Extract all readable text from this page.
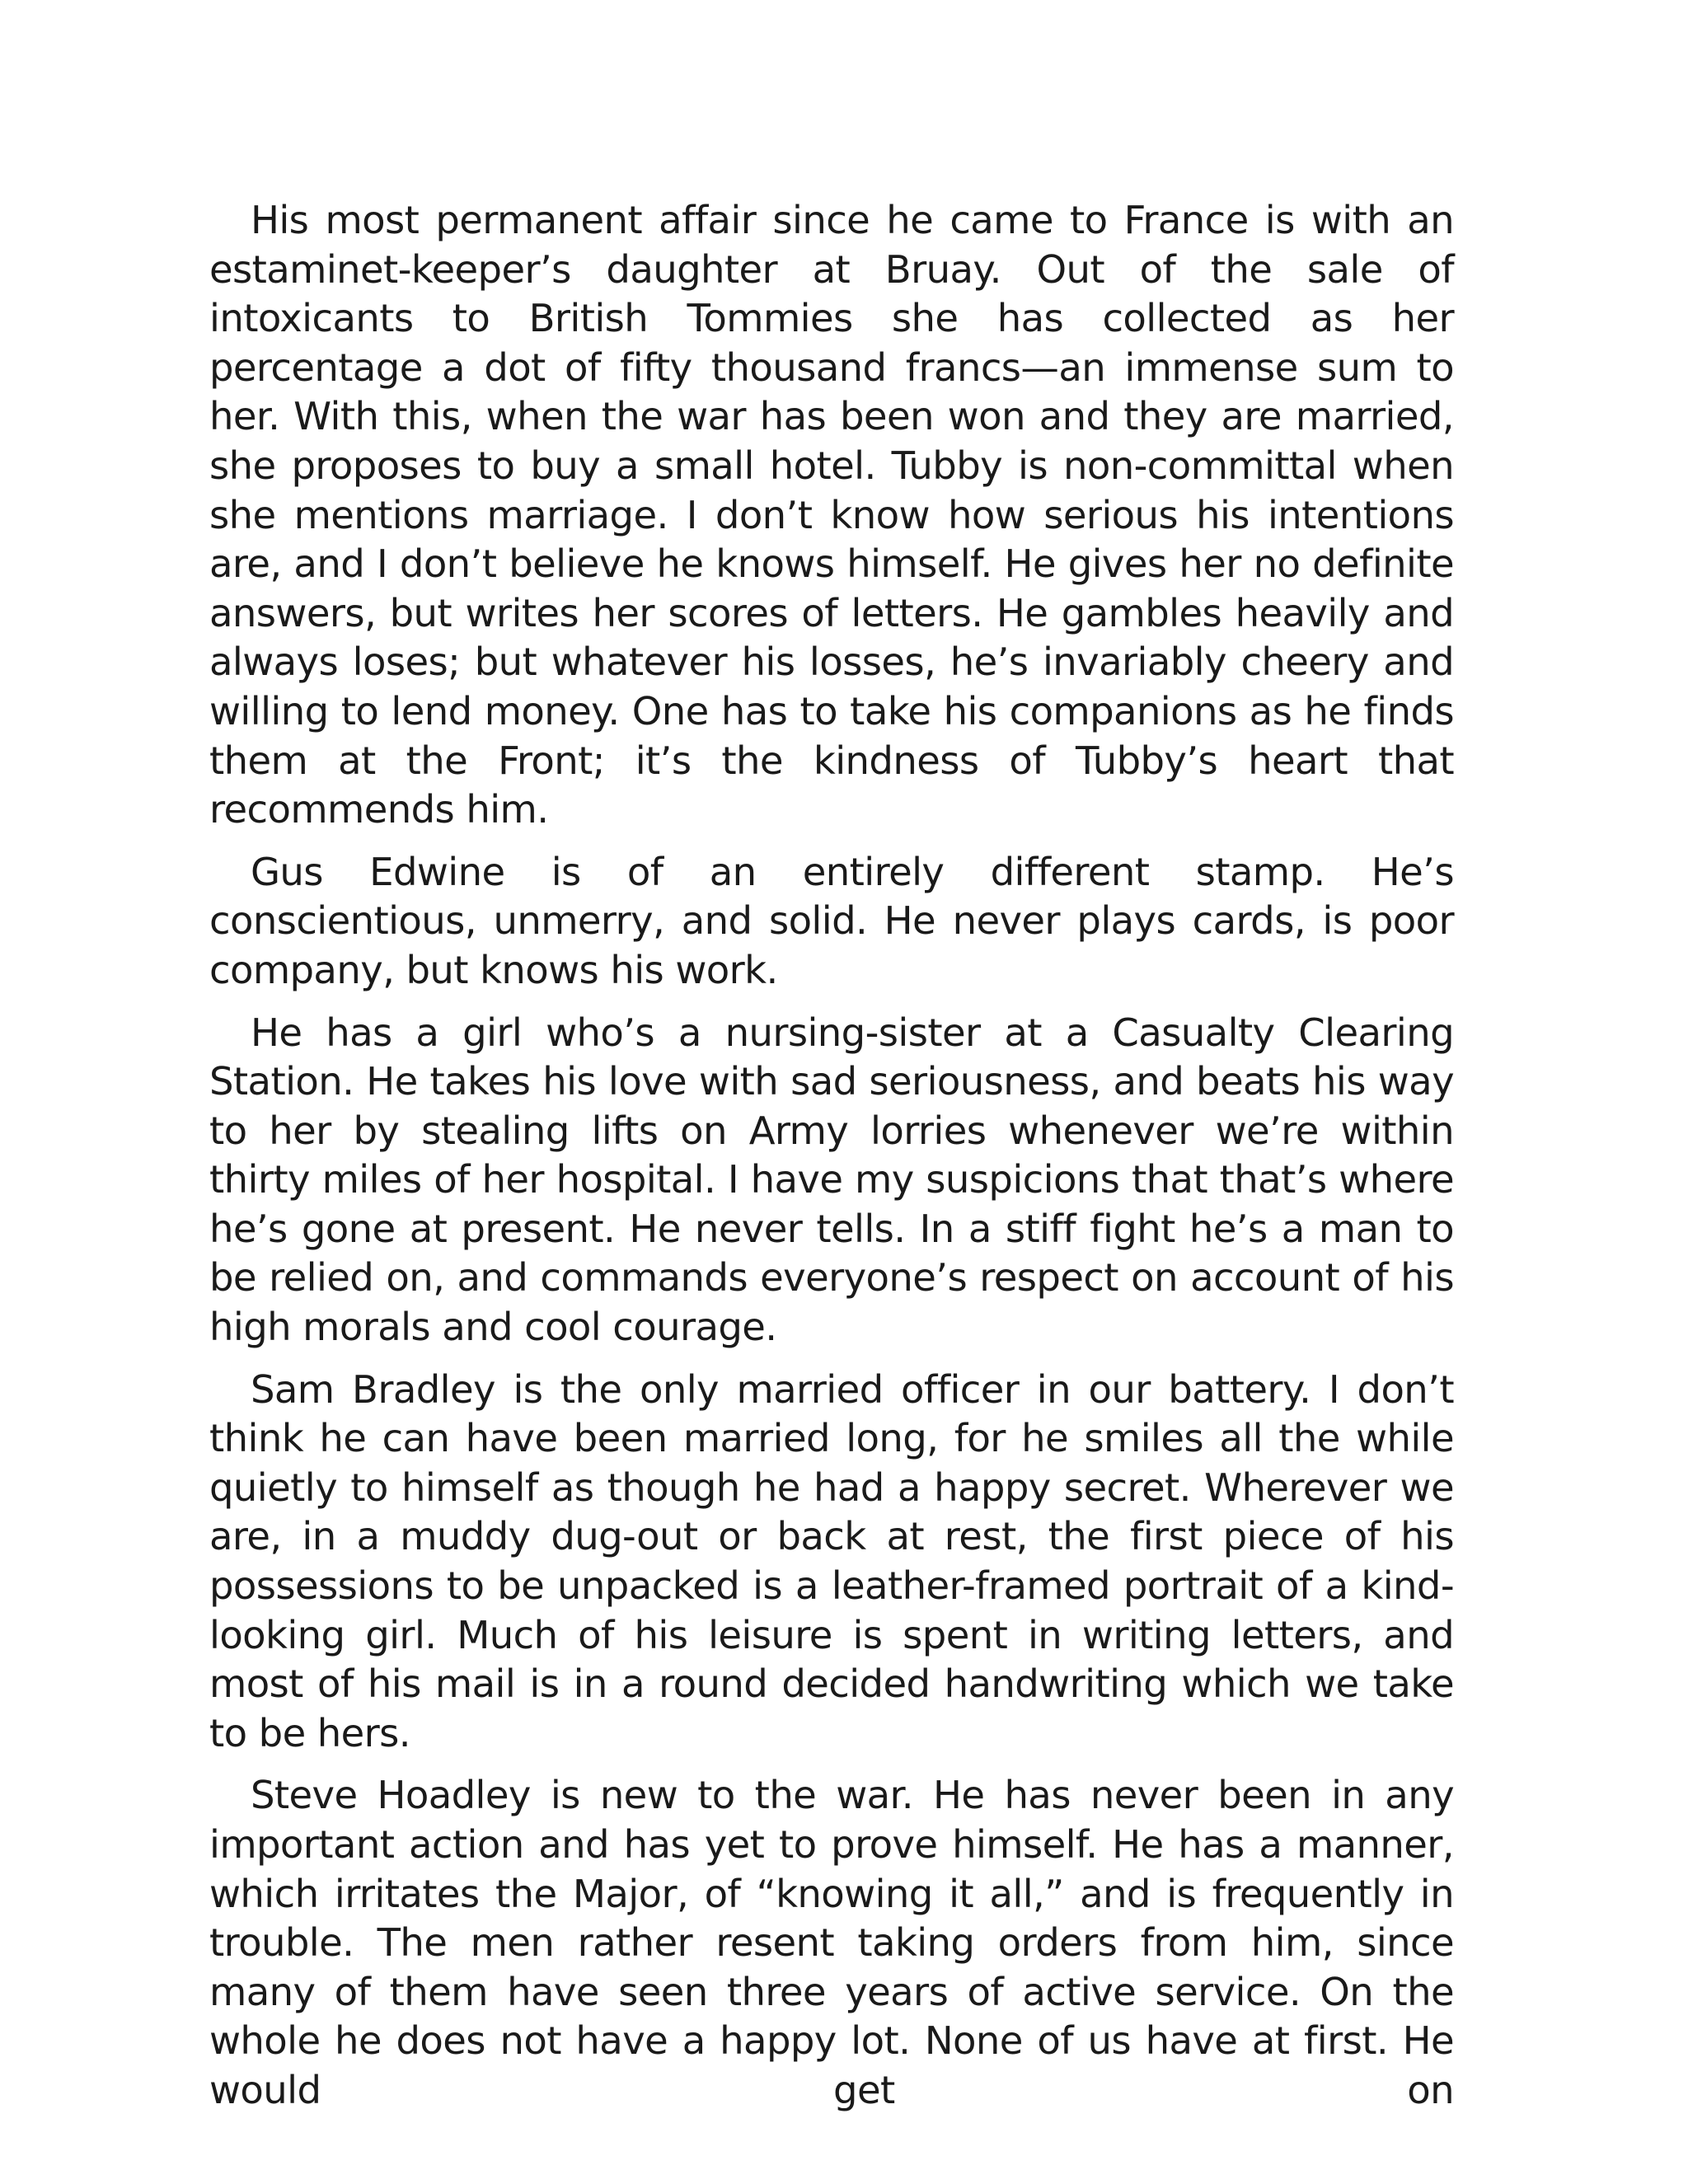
His most permanent affair since he came to France is with an estaminet-keeper’s daughter at Bruay. Out of the sale of intoxicants to British Tommies she has collected as her percentage a dot of fifty thousand francs—an immense sum to her. With this, when the war has been won and they are married, she proposes to buy a small hotel. Tubby is non-committal when she mentions marriage. I don’t know how serious his intentions are, and I don’t believe he knows himself. He gives her no definite answers, but writes her scores of letters. He gambles heavily and always loses; but whatever his losses, he’s invariably cheery and willing to lend money. One has to take his companions as he finds them at the Front; it’s the kindness of Tubby’s heart that recommends him.

Gus Edwine is of an entirely different stamp. He’s conscientious, unmerry, and solid. He never plays cards, is poor company, but knows his work.

He has a girl who’s a nursing-sister at a Casualty Clearing Station. He takes his love with sad seriousness, and beats his way to her by stealing lifts on Army lorries whenever we’re within thirty miles of her hospital. I have my suspicions that that’s where he’s gone at present. He never tells. In a stiff fight he’s a man to be relied on, and commands everyone’s respect on account of his high morals and cool courage.

Sam Bradley is the only married officer in our battery. I don’t think he can have been married long, for he smiles all the while quietly to himself as though he had a happy secret. Wherever we are, in a muddy dug-out or back at rest, the first piece of his possessions to be unpacked is a leather-framed portrait of a kind-looking girl. Much of his leisure is spent in writing letters, and most of his mail is in a round decided handwriting which we take to be hers.

Steve Hoadley is new to the war. He has never been in any important action and has yet to prove himself. He has a manner, which irritates the Major, of “knowing it all,” and is frequently in trouble. The men rather resent taking orders from him, since many of them have seen three years of active service. On the whole he does not have a happy lot. None of us have at first. He would get on
